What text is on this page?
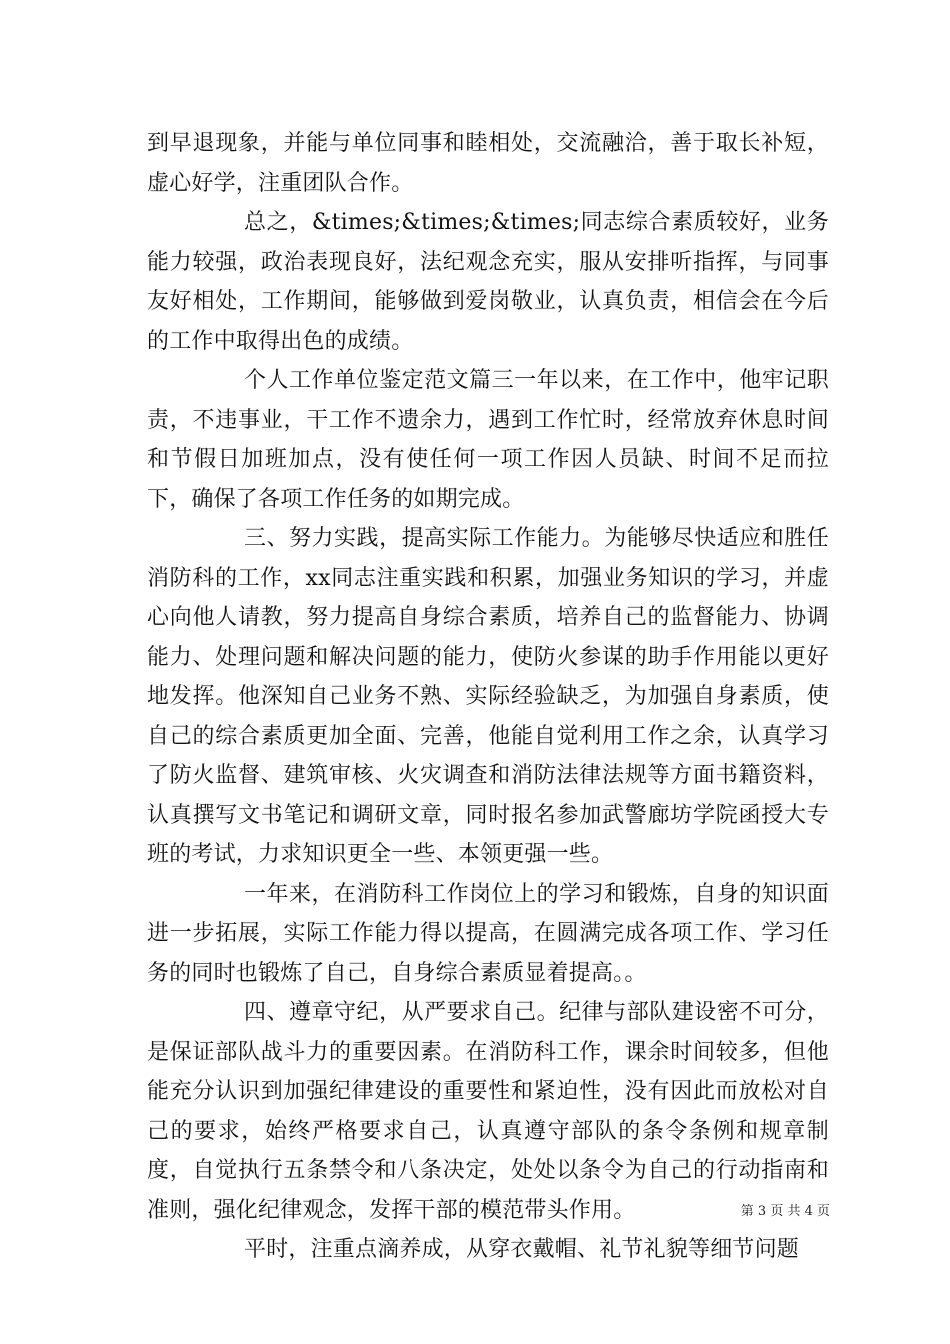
到早退现象，并能与单位同事和睦相处，交流融洽，善于取长补短，虚心好学，注重团队合作。

总之，&times;&times;&times;同志综合素质较好，业务能力较强，政治表现良好，法纪观念充实，服从安排听指挥，与同事友好相处，工作期间，能够做到爱岗敬业，认真负责，相信会在今后的工作中取得出色的成绩。

个人工作单位鉴定范文篇三一年以来，在工作中，他牢记职责，不违事业，干工作不遗余力，遇到工作忙时，经常放弃休息时间和节假日加班加点，没有使任何一项工作因人员缺、时间不足而拉下，确保了各项工作任务的如期完成。

三、努力实践，提高实际工作能力。为能够尽快适应和胜任消防科的工作，xx同志注重实践和积累，加强业务知识的学习，并虚心向他人请教，努力提高自身综合素质，培养自己的监督能力、协调能力、处理问题和解决问题的能力，使防火参谋的助手作用能以更好地发挥。他深知自己业务不熟、实际经验缺乏，为加强自身素质，使自己的综合素质更加全面、完善，他能自觉利用工作之余，认真学习了防火监督、建筑审核、火灾调查和消防法律法规等方面书籍资料，认真撰写文书笔记和调研文章，同时报名参加武警廊坊学院函授大专班的考试，力求知识更全一些、本领更强一些。

一年来，在消防科工作岗位上的学习和锻炼，自身的知识面进一步拓展，实际工作能力得以提高，在圆满完成各项工作、学习任务的同时也锻炼了自己，自身综合素质显着提高。。

四、遵章守纪，从严要求自己。纪律与部队建设密不可分，是保证部队战斗力的重要因素。在消防科工作，课余时间较多，但他能充分认识到加强纪律建设的重要性和紧迫性，没有因此而放松对自己的要求，始终严格要求自己，认真遵守部队的条令条例和规章制度，自觉执行五条禁令和八条决定，处处以条令为自己的行动指南和准则，强化纪律观念，发挥干部的模范带头作用。

平时，注重点滴养成，从穿衣戴帽、礼节礼貌等细节问题

第 3 页 共 4 页
